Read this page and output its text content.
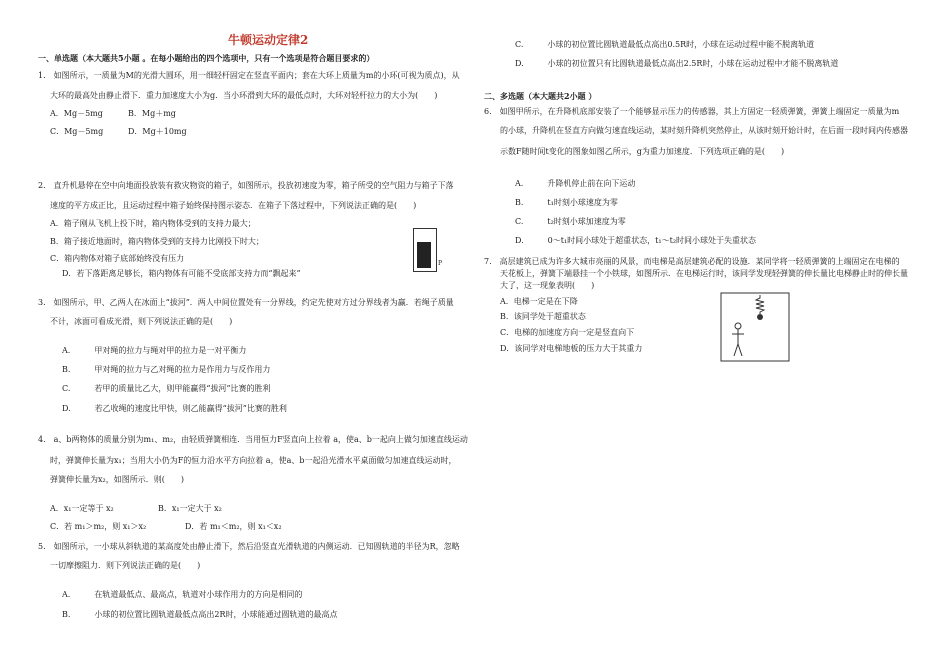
牛顿运动定律2
一、单选题（本大题共5小题 。在每小题给出的四个选项中，只有一个选项是符合题目要求的）
1.　如图所示，一质量为M的光滑大圆环，用一细轻杆固定在竖直平面内；套在大环上质量为m的小环(可视为质点)，从
大环的最高处由静止滑下．重力加速度大小为g．当小环滑到大环的最低点时，大环对轻杆拉力的大小为(　　)
A．Mg－5mg	B．Mg＋mg
C．Mg－5mg	D．Mg＋10mg
2.　直升机悬停在空中向地面投放装有救灾物资的箱子，如图所示，投放初速度为零，箱子所受的空气阻力与箱子下落
速度的平方成正比，且运动过程中箱子始终保持图示姿态．在箱子下落过程中，下列说法正确的是(　　)
A．箱子刚从飞机上投下时，箱内物体受到的支持力最大；
B．箱子接近地面时，箱内物体受到的支持力比刚投下时大；
C．箱内物体对箱子底部始终没有压力
D．若下落距离足够长，箱内物体有可能不受底部支持力而“飘起来”
P
3.　如图所示，甲、乙两人在冰面上“拔河”．两人中间位置处有一分界线，约定先使对方过分界线者为赢．若绳子质量
不计，冰面可看成光滑，则下列说法正确的是(　　)
A.　　　甲对绳的拉力与绳对甲的拉力是一对平衡力
B.　　　甲对绳的拉力与乙对绳的拉力是作用力与反作用力
C.　　　若甲的质量比乙大，则甲能赢得“拔河”比赛的胜利
D.　　　若乙收绳的速度比甲快，则乙能赢得“拔河”比赛的胜利
4.　a、b两物体的质量分别为m₁、m₂，由轻质弹簧相连．当用恒力F竖直向上拉着 a，使a、b一起向上做匀加速直线运动
时，弹簧伸长量为x₁；当用大小仍为F的恒力沿水平方向拉着 a，使a、b一起沿光滑水平桌面做匀加速直线运动时，
弹簧伸长量为x₂，如图所示．则(　　)
A．x₁一定等于 x₂	B．x₁一定大于 x₂
C．若 m₁＞m₂，则 x₁＞x₂	D．若 m₁＜m₂，则 x₁＜x₂
5.　如图所示，一小球从斜轨道的某高度处由静止滑下，然后沿竖直光滑轨道的内侧运动．已知圆轨道的半径为R，忽略
一切摩擦阻力．则下列说法正确的是(　　)
A.　　　在轨道最低点、最高点，轨道对小球作用力的方向是相同的
B.　　　小球的初位置比圆轨道最低点高出2R时，小球能通过圆轨道的最高点
C.　　　小球的初位置比圆轨道最低点高出0.5R时，小球在运动过程中能不脱离轨道
D.　　　小球的初位置只有比圆轨道最低点高出2.5R时，小球在运动过程中才能不脱离轨道
二、多选题（本大题共2小题 ）
6.　如图甲所示，在升降机底部安装了一个能够显示压力的传感器，其上方固定一轻质弹簧，弹簧上端固定一质量为m
的小球，升降机在竖直方向做匀速直线运动，某时刻升降机突然停止，从该时刻开始计时，在后面一段时间内传感器
示数F随时间t变化的图象如图乙所示，g为重力加速度．下列选项正确的是(　　)
A.　　　升降机停止前在向下运动
B.　　　t₁时刻小球速度为零
C.　　　t₂时刻小球加速度为零
D.　　　0～t₁时间小球处于超重状态，t₁～t₂时间小球处于失重状态
7.　高层建筑已成为许多大城市亮丽的风景，而电梯是高层建筑必配的设施．某同学将一轻质弹簧的上端固定在电梯的
天花板上，弹簧下端悬挂一个小铁球，如图所示．在电梯运行时，该同学发现轻弹簧的伸长量比电梯静止时的伸长量
大了，这一现象表明(　　)
A．电梯一定是在下降
B．该同学处于超重状态
C．电梯的加速度方向一定是竖直向下
D．该同学对电梯地板的压力大于其重力
